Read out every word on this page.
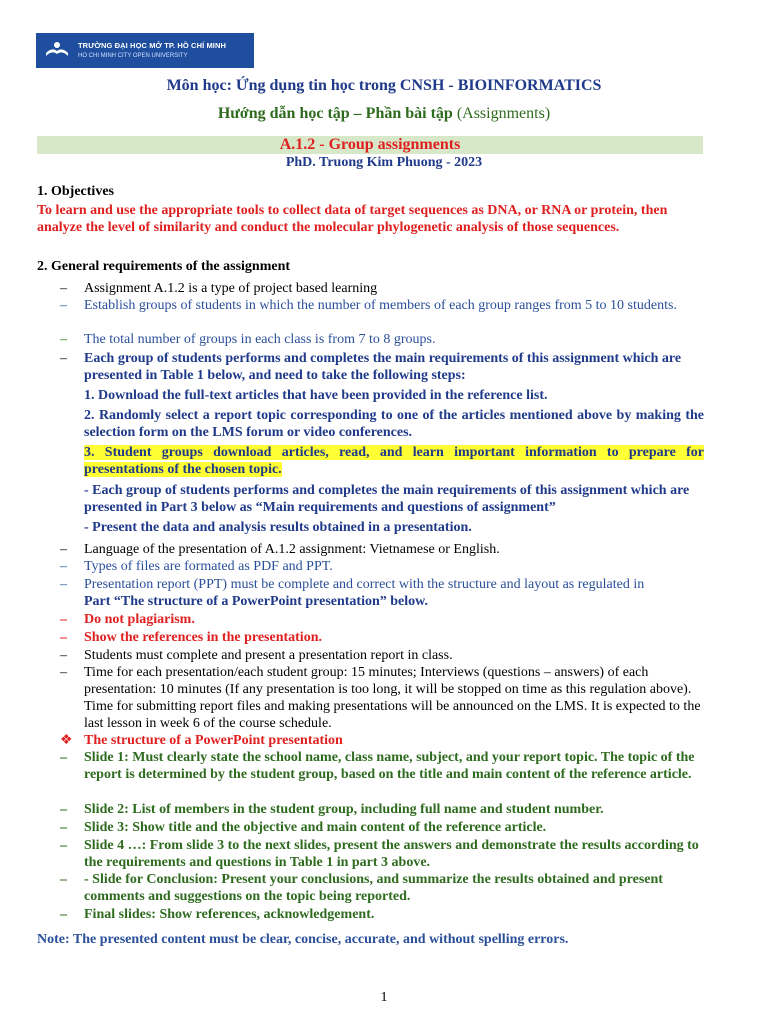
TRƯỜNG ĐẠI HỌC MỞ TP. HỒ CHÍ MINH
HO CHI MINH CITY OPEN UNIVERSITY
Môn học: Ứng dụng tin học trong CNSH - BIOINFORMATICS
Hướng dẫn học tập – Phần bài tập (Assignments)
A.1.2 - Group assignments
PhD. Truong Kim Phuong - 2023
1. Objectives
To learn and use the appropriate tools to collect data of target sequences as DNA, or RNA or protein, then analyze the level of similarity and conduct the molecular phylogenetic analysis of those sequences.
2. General requirements of the assignment
– Assignment A.1.2 is a type of project based learning
– Establish groups of students in which the number of members of each group ranges from 5 to 10 students.
– The total number of groups in each class is from 7 to 8 groups.
– Each group of students performs and completes the main requirements of this assignment which are presented in Table 1 below, and need to take the following steps:
1. Download the full-text articles that have been provided in the reference list.
2. Randomly select a report topic corresponding to one of the articles mentioned above by making the selection form on the LMS forum or video conferences.
3. Student groups download articles, read, and learn important information to prepare for presentations of the chosen topic.
- Each group of students performs and completes the main requirements of this assignment which are presented in Part 3 below as “Main requirements and questions of assignment”
- Present the data and analysis results obtained in a presentation.
– Language of the presentation of A.1.2 assignment: Vietnamese or English.
– Types of files are formated as PDF and PPT.
– Presentation report (PPT) must be complete and correct with the structure and layout as regulated in
Part “The structure of a PowerPoint presentation” below.
– Do not plagiarism.
– Show the references in the presentation.
– Students must complete and present a presentation report in class.
– Time for each presentation/each student group: 15 minutes; Interviews (questions – answers) of each presentation: 10 minutes (If any presentation is too long, it will be stopped on time as this regulation above). Time for submitting report files and making presentations will be announced on the LMS. It is expected to the last lesson in week 6 of the course schedule.
❖ The structure of a PowerPoint presentation
– Slide 1: Must clearly state the school name, class name, subject, and your report topic. The topic of the report is determined by the student group, based on the title and main content of the reference article.
– Slide 2: List of members in the student group, including full name and student number.
– Slide 3: Show title and the objective and main content of the reference article.
– Slide 4 …: From slide 3 to the next slides, present the answers and demonstrate the results according to the requirements and questions in Table 1 in part 3 above.
– - Slide for Conclusion: Present your conclusions, and summarize the results obtained and present comments and suggestions on the topic being reported.
– Final slides: Show references, acknowledgement.
Note: The presented content must be clear, concise, accurate, and without spelling errors.
1
